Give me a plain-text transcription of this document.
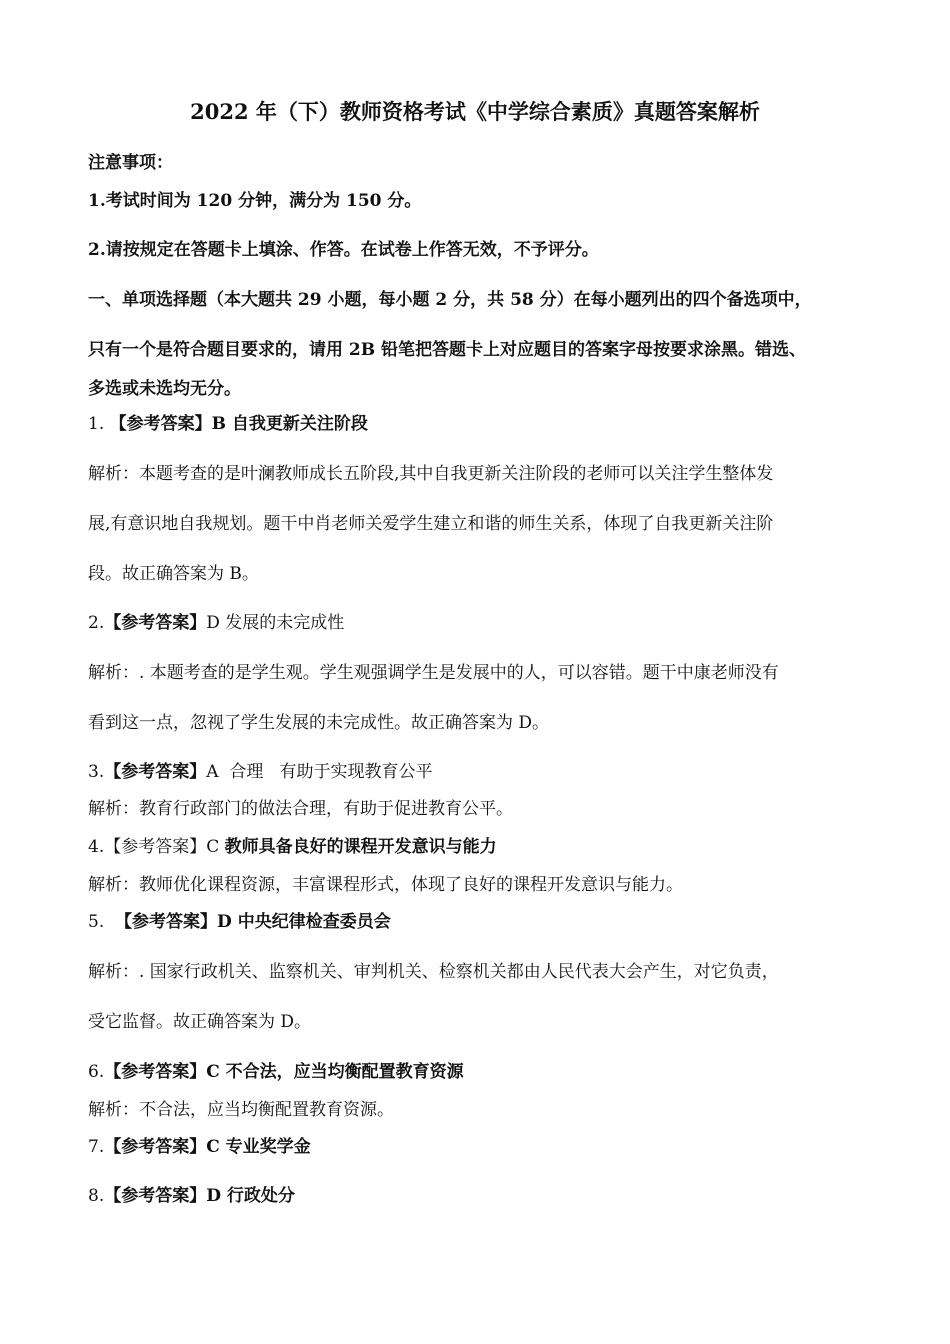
2022 年（下）教师资格考试《中学综合素质》真题答案解析
注意事项：
1.考试时间为 120 分钟，满分为 150 分。
2.请按规定在答题卡上填涂、作答。在试卷上作答无效，不予评分。
一、单项选择题（本大题共 29 小题，每小题 2 分，共 58 分）在每小题列出的四个备选项中，
只有一个是符合题目要求的，请用 2B 铅笔把答题卡上对应题目的答案字母按要求涂黑。错选、
多选或未选均无分。
1. 【参考答案】B 自我更新关注阶段
解析：本题考查的是叶澜教师成长五阶段,其中自我更新关注阶段的老师可以关注学生整体发
展,有意识地自我规划。题干中肖老师关爱学生建立和谐的师生关系，体现了自我更新关注阶
段。故正确答案为 B。
2.【参考答案】D 发展的未完成性
解析：. 本题考查的是学生观。学生观强调学生是发展中的人，可以容错。题干中康老师没有
看到这一点，忽视了学生发展的未完成性。故正确答案为 D。
3.【参考答案】A  合理   有助于实现教育公平
解析：教育行政部门的做法合理，有助于促进教育公平。
4.【参考答案】C 教师具备良好的课程开发意识与能力
解析：教师优化课程资源，丰富课程形式，体现了良好的课程开发意识与能力。
5.  【参考答案】D 中央纪律检查委员会
解析：. 国家行政机关、监察机关、审判机关、检察机关都由人民代表大会产生，对它负责，
受它监督。故正确答案为 D。
6.【参考答案】C 不合法，应当均衡配置教育资源
解析：不合法，应当均衡配置教育资源。
7.【参考答案】C 专业奖学金
8.【参考答案】D 行政处分
